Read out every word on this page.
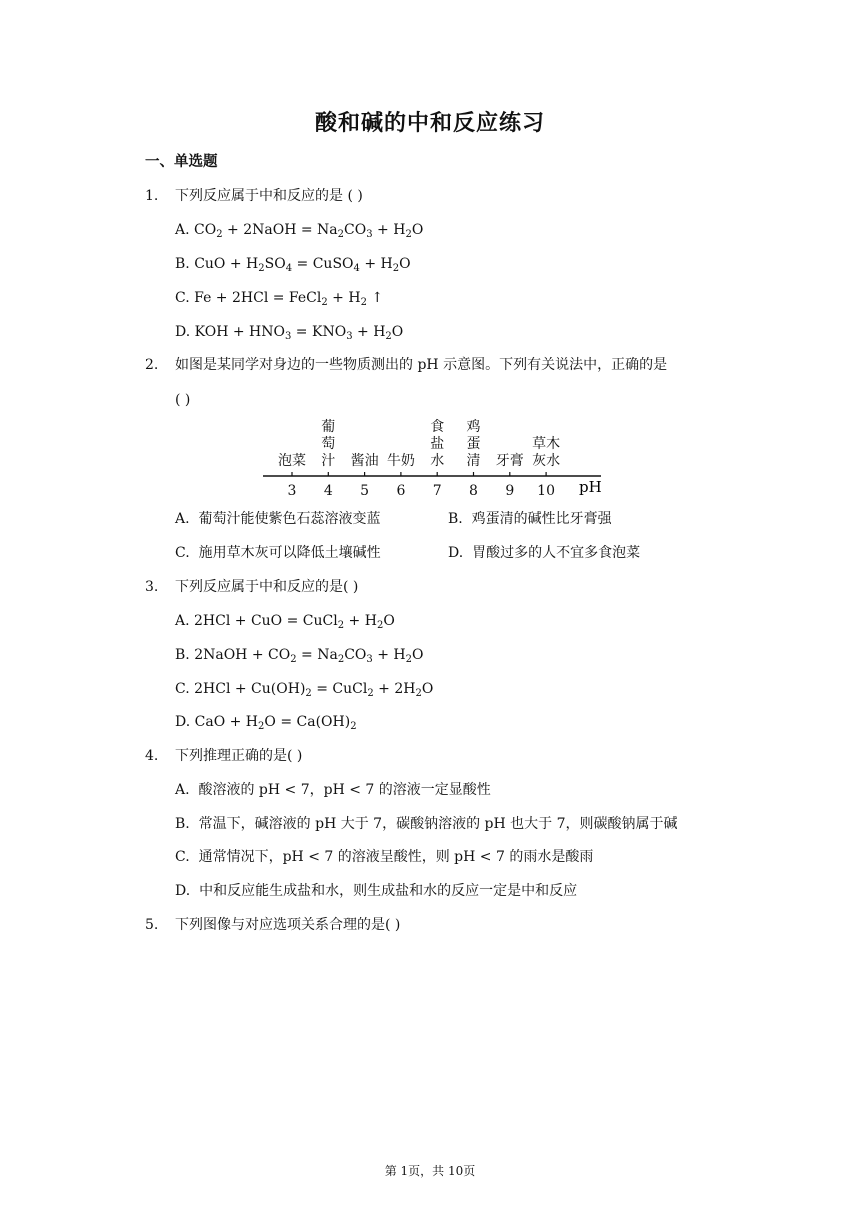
酸和碱的中和反应练习
一、单选题
1. 下列反应属于中和反应的是 ( )
A. $CO_2$ + 2NaOH = $Na_2CO_3 + H_2O$
B. CuO + $H_2SO_4$ = CuSO$_4$ + $H_2O$
C. Fe + 2HCl = FeCl$_2$ + $H_2$ ↑
D. KOH + $HNO_3 = KNO_3 + H_2O$
2. 如图是某同学对身边的一些物质测出的 pH 示意图。下列有关说法中，正确的是
( )
泡菜
葡
萄
汁 酱油 牛奶
食
盐
水
鸡
蛋
清 牙膏
草木
灰水
3 4 5 6 7 8 9 10 pH
A. 葡萄汁能使紫色石蕊溶液变蓝	B. 鸡蛋清的碱性比牙膏强
C. 施用草木灰可以降低土壤碱性	D. 胃酸过多的人不宜多食泡菜
3. 下列反应属于中和反应的是( )
A. 2HCl + CuO = CuCl$_2$ + $H_2O$
B. 2NaOH + $CO_2 = Na_2CO_3 + H_2O$
C. $2HCl + Cu(OH)_2$ = CuCl$_2$ + $2H_2O$
D. CaO + $H_2O = Ca(OH)_2$
4. 下列推理正确的是( )
A. 酸溶液的 pH < 7，pH < 7 的溶液一定显酸性
B. 常温下，碱溶液的 pH 大于 7，碳酸钠溶液的 pH 也大于 7，则碳酸钠属于碱
C. 通常情况下，pH < 7 的溶液呈酸性，则 pH < 7 的雨水是酸雨
D. 中和反应能生成盐和水，则生成盐和水的反应一定是中和反应
5. 下列图像与对应选项关系合理的是( )
第 1页，共 10页
